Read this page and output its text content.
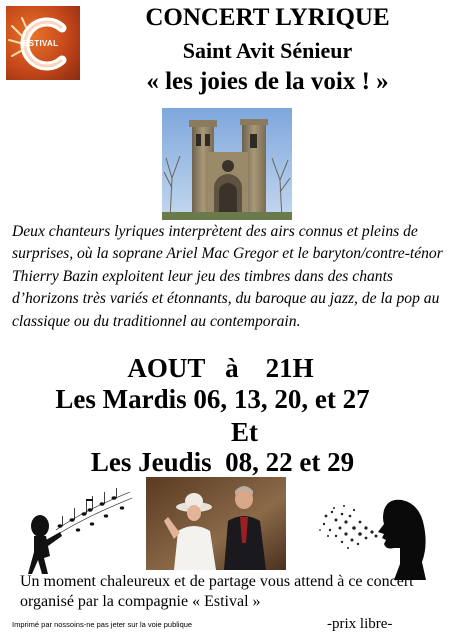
ESTIVAL
CONCERT LYRIQUE
Saint Avit Sénieur
« les joies de la voix ! »
Deux chanteurs lyriques interprètent des airs connus et pleins de surprises, où la soprane Ariel Mac Gregor et le baryton/contre-ténor Thierry Bazin exploitent leur jeu des timbres dans des chants d’horizons très variés et étonnants, du baroque au jazz, de la pop au classique ou du traditionnel au contemporain.
AOUT   à    21H
Les Mardis 06, 13, 20, et 27
Et
Les Jeudis  08, 22 et 29
Un moment chaleureux et de partage vous attend à ce concert organisé par la compagnie « Estival »
Imprimé par nossoins-ne pas jeter sur la voie publique	-prix libre-
